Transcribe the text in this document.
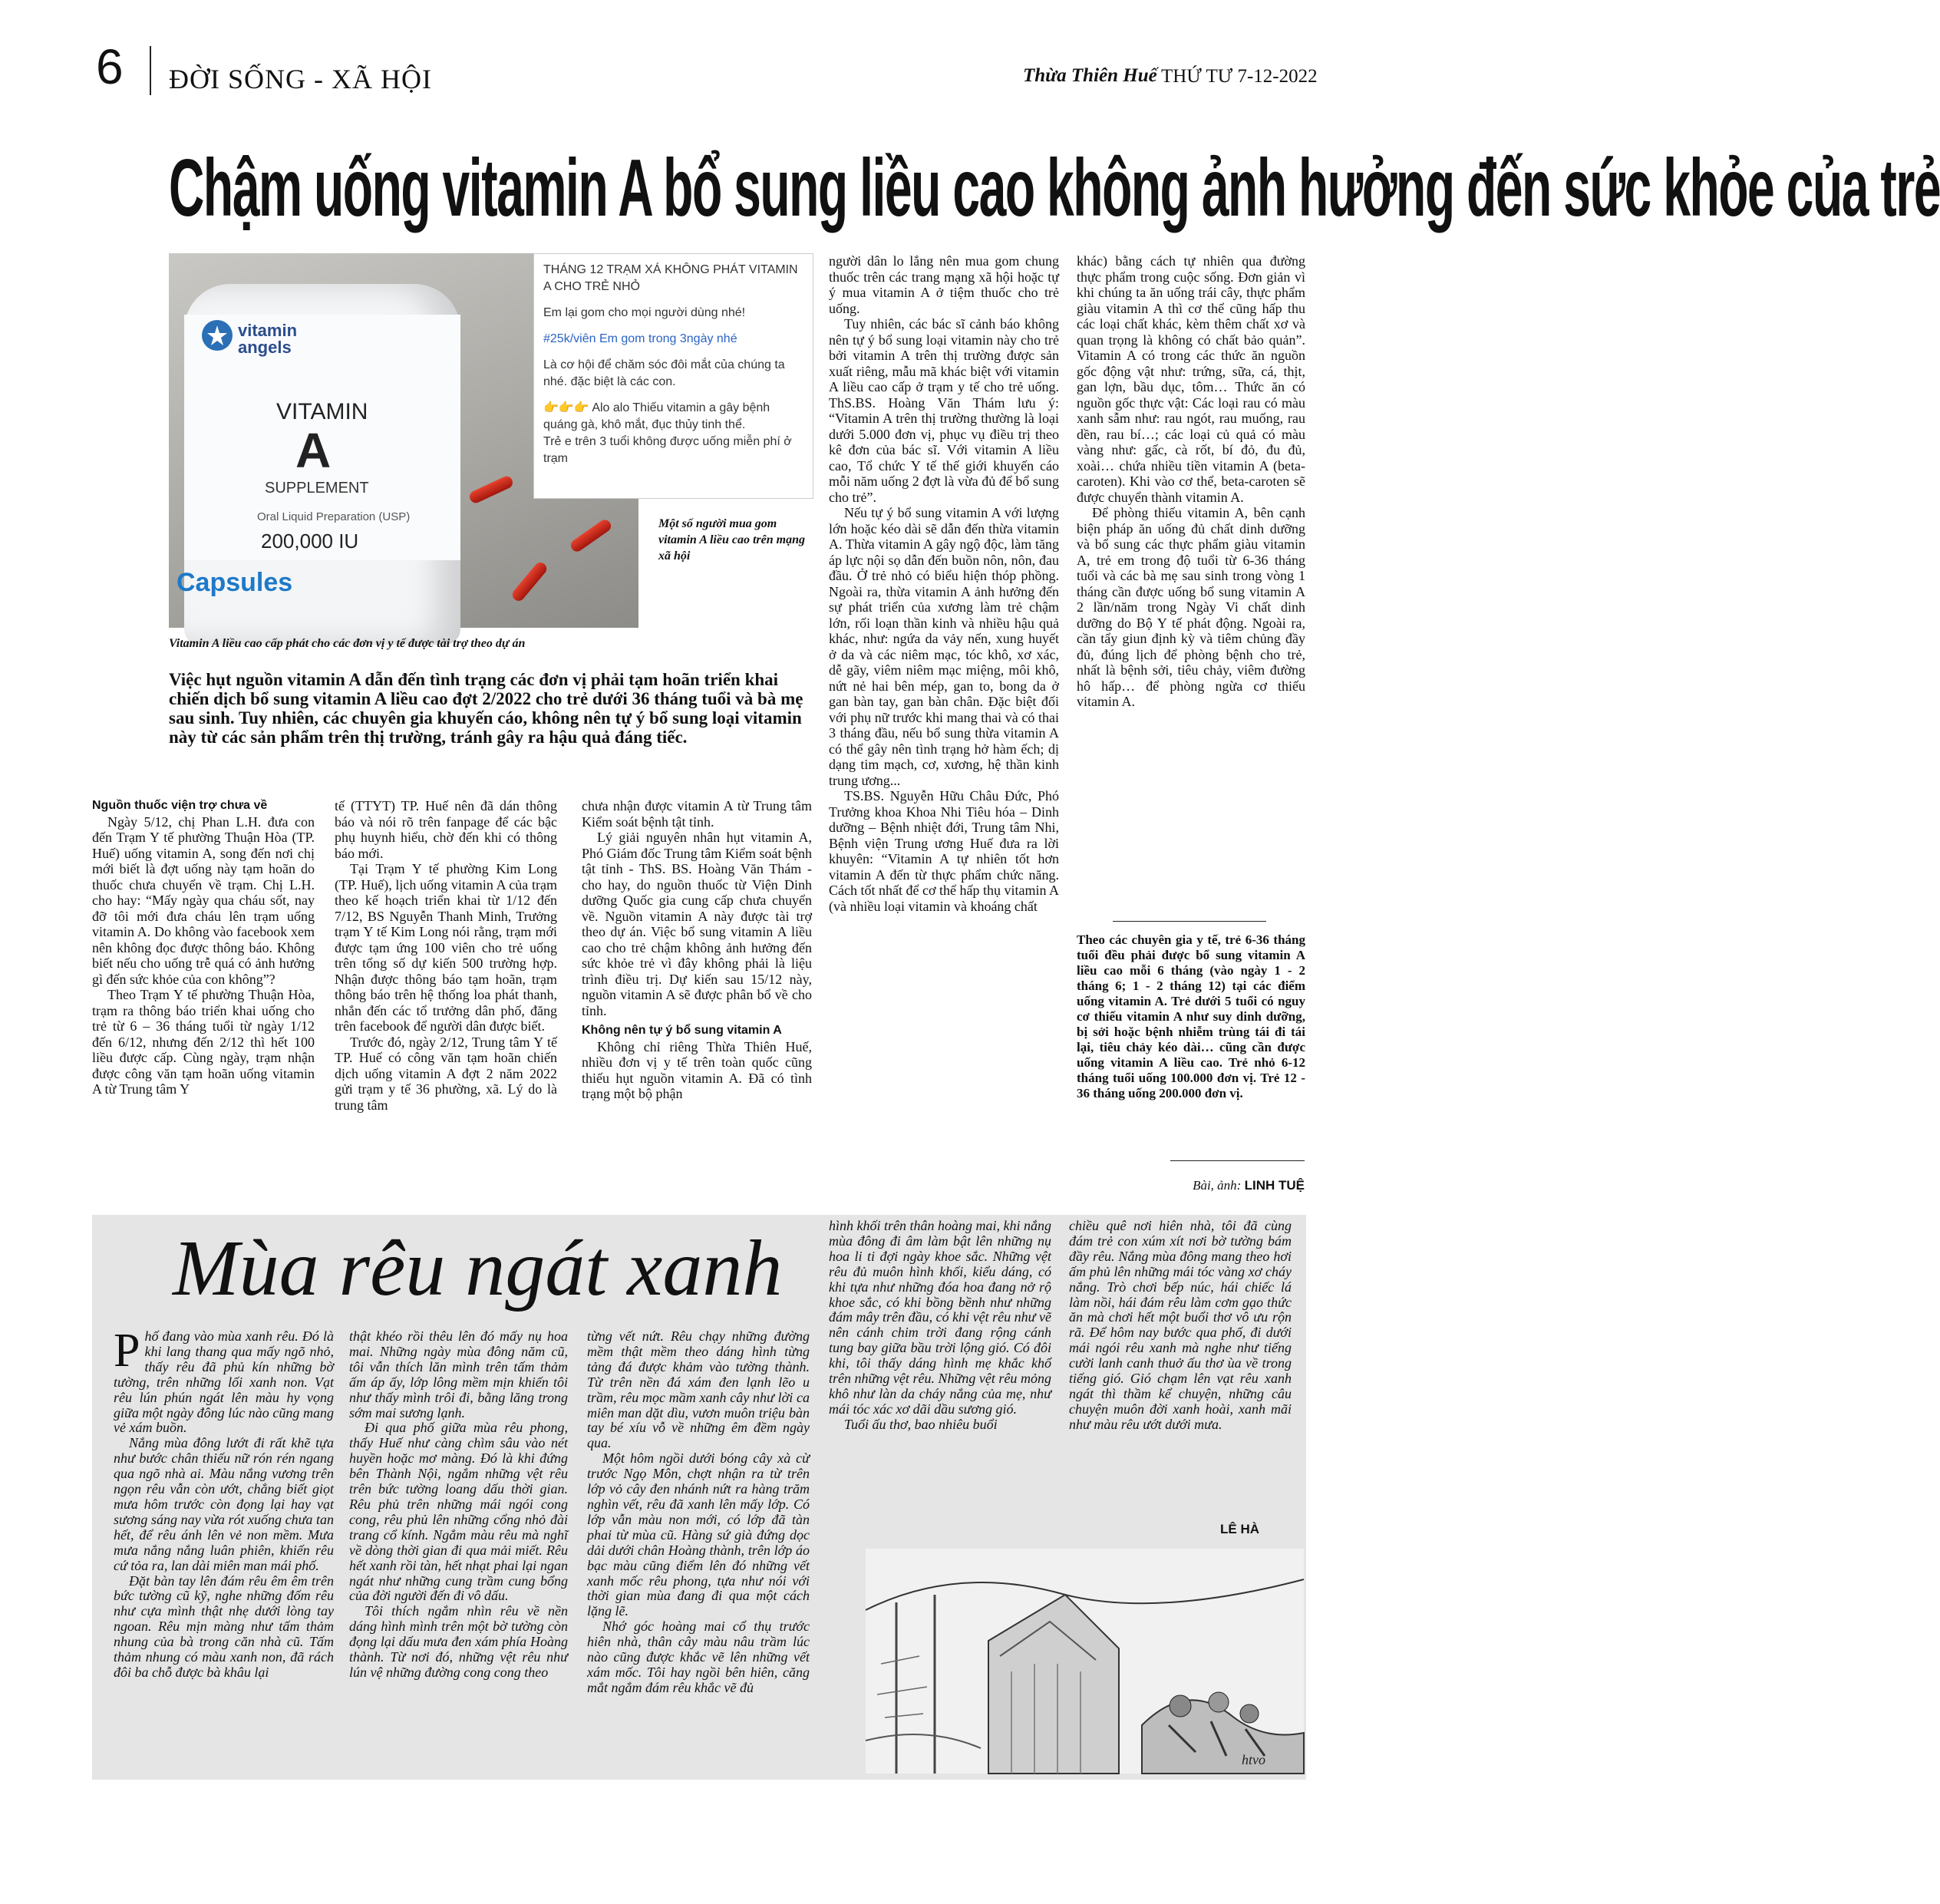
6 ĐỜI SỐNG - XÃ HỘI	Thừa Thiên Huế THỨ TƯ 7-12-2022
Chậm uống vitamin A bổ sung liều cao không ảnh hưởng đến sức khỏe của trẻ
vitamin
angels
VITAMIN
A
SUPPLEMENT
Oral Liquid Preparation (USP)
200,000 IU
Capsules

THÁNG 12 TRẠM XÁ KHÔNG PHÁT VITAMIN A CHO TRẺ NHỎ

Em lại gom cho mọi người dùng nhé!

#25k/viên Em gom trong 3ngày nhé

Là cơ hội để chăm sóc đôi mắt của chúng ta nhé. đặc biệt là các con.

👉👉👉 Alo alo Thiếu vitamin a gây bệnh quáng gà, khô mắt, đục thủy tinh thể.

Trẻ e trên 3 tuổi không được uống miễn phí ở trạm

Một số người mua gom vitamin A liều cao trên mạng xã hội
Vitamin A liều cao cấp phát cho các đơn vị y tế được tài trợ theo dự án
Việc hụt nguồn vitamin A dẫn đến tình trạng các đơn vị phải tạm hoãn triển khai chiến dịch bổ sung vitamin A liều cao đợt 2/2022 cho trẻ dưới 36 tháng tuổi và bà mẹ sau sinh. Tuy nhiên, các chuyên gia khuyến cáo, không nên tự ý bổ sung loại vitamin này từ các sản phẩm trên thị trường, tránh gây ra hậu quả đáng tiếc.

Nguồn thuốc viện trợ chưa về

Ngày 5/12, chị Phan L.H. đưa con đến Trạm Y tế phường Thuận Hòa (TP. Huế) uống vitamin A, song đến nơi chị mới biết là đợt uống này tạm hoãn do thuốc chưa chuyển về trạm. Chị L.H. cho hay: “Mấy ngày qua cháu sốt, nay đỡ tôi mới đưa cháu lên trạm uống vitamin A. Do không vào facebook xem nên không đọc được thông báo. Không biết nếu cho uống trễ quá có ảnh hưởng gì đến sức khỏe của con không”?

Theo Trạm Y tế phường Thuận Hòa, trạm ra thông báo triển khai uống cho trẻ từ 6 – 36 tháng tuổi từ ngày 1/12 đến 6/12, nhưng đến 2/12 thì hết 100 liều được cấp. Cùng ngày, trạm nhận được công văn tạm hoãn uống vitamin A từ Trung tâm Y

tế (TTYT) TP. Huế nên đã dán thông báo và nói rõ trên fanpage để các bậc phụ huynh hiểu, chờ đến khi có thông báo mới.

Tại Trạm Y tế phường Kim Long (TP. Huế), lịch uống vitamin A của trạm theo kế hoạch triển khai từ 1/12 đến 7/12, BS Nguyễn Thanh Minh, Trưởng trạm Y tế Kim Long nói rằng, trạm mới được tạm ứng 100 viên cho trẻ uống trên tổng số dự kiến 500 trường hợp. Nhận được thông báo tạm hoãn, trạm thông báo trên hệ thống loa phát thanh, nhắn đến các tổ trưởng dân phố, đăng trên facebook để người dân được biết.

Trước đó, ngày 2/12, Trung tâm Y tế TP. Huế có công văn tạm hoãn chiến dịch uống vitamin A đợt 2 năm 2022 gửi trạm y tế 36 phường, xã. Lý do là trung tâm

chưa nhận được vitamin A từ Trung tâm Kiểm soát bệnh tật tỉnh.

Lý giải nguyên nhân hụt vitamin A, Phó Giám đốc Trung tâm Kiểm soát bệnh tật tỉnh - ThS. BS. Hoàng Văn Thám - cho hay, do nguồn thuốc từ Viện Dinh dưỡng Quốc gia cung cấp chưa chuyển về. Nguồn vitamin A này được tài trợ theo dự án. Việc bổ sung vitamin A liều cao cho trẻ chậm không ảnh hưởng đến sức khỏe trẻ vì đây không phải là liệu trình điều trị. Dự kiến sau 15/12 này, nguồn vitamin A sẽ được phân bổ về cho tỉnh.

Không nên tự ý bổ sung vitamin A

Không chỉ riêng Thừa Thiên Huế, nhiều đơn vị y tế trên toàn quốc cũng thiếu hụt nguồn vitamin A. Đã có tình trạng một bộ phận

người dân lo lắng nên mua gom chung thuốc trên các trang mạng xã hội hoặc tự ý mua vitamin A ở tiệm thuốc cho trẻ uống.

Tuy nhiên, các bác sĩ cảnh báo không nên tự ý bổ sung loại vitamin này cho trẻ bởi vitamin A trên thị trường được sản xuất riêng, mẫu mã khác biệt với vitamin A liều cao cấp ở trạm y tế cho trẻ uống. ThS.BS. Hoàng Văn Thám lưu ý: “Vitamin A trên thị trường thường là loại dưới 5.000 đơn vị, phục vụ điều trị theo kê đơn của bác sĩ. Với vitamin A liều cao, Tổ chức Y tế thế giới khuyến cáo mỗi năm uống 2 đợt là vừa đủ để bổ sung cho trẻ”.

Nếu tự ý bổ sung vitamin A với lượng lớn hoặc kéo dài sẽ dẫn đến thừa vitamin A. Thừa vitamin A gây ngộ độc, làm tăng áp lực nội sọ dẫn đến buồn nôn, nôn, đau đầu. Ở trẻ nhỏ có biểu hiện thóp phồng. Ngoài ra, thừa vitamin A ảnh hưởng đến sự phát triển của xương làm trẻ chậm lớn, rối loạn thần kinh và nhiều hậu quả khác, như: ngứa da vảy nến, xung huyết ở da và các niêm mạc, tóc khô, xơ xác, dễ gãy, viêm niêm mạc miệng, môi khô, nứt nẻ hai bên mép, gan to, bong da ở gan bàn tay, gan bàn chân. Đặc biệt đối với phụ nữ trước khi mang thai và có thai 3 tháng đầu, nếu bổ sung thừa vitamin A có thể gây nên tình trạng hở hàm ếch; dị dạng tim mạch, cơ, xương, hệ thần kinh trung ương...

TS.BS. Nguyễn Hữu Châu Đức, Phó Trưởng khoa Khoa Nhi Tiêu hóa – Dinh dưỡng – Bệnh nhiệt đới, Trung tâm Nhi, Bệnh viện Trung ương Huế đưa ra lời khuyên: “Vitamin A tự nhiên tốt hơn vitamin A đến từ thực phẩm chức năng. Cách tốt nhất để cơ thể hấp thụ vitamin A (và nhiều loại vitamin và khoáng chất

khác) bằng cách tự nhiên qua đường thực phẩm trong cuộc sống. Đơn giản vì khi chúng ta ăn uống trái cây, thực phẩm giàu vitamin A thì cơ thể cũng hấp thu các loại chất khác, kèm thêm chất xơ và quan trọng là không có chất bảo quản”. Vitamin A có trong các thức ăn nguồn gốc động vật như: trứng, sữa, cá, thịt, gan lợn, bầu dục, tôm… Thức ăn có nguồn gốc thực vật: Các loại rau có màu xanh sẫm như: rau ngót, rau muống, rau dền, rau bí…; các loại củ quả có màu vàng như: gấc, cà rốt, bí đỏ, đu đủ, xoài… chứa nhiều tiền vitamin A (beta-caroten). Khi vào cơ thể, beta-caroten sẽ được chuyển thành vitamin A.

Để phòng thiếu vitamin A, bên cạnh biện pháp ăn uống đủ chất dinh dưỡng và bổ sung các thực phẩm giàu vitamin A, trẻ em trong độ tuổi từ 6-36 tháng tuổi và các bà mẹ sau sinh trong vòng 1 tháng cần được uống bổ sung vitamin A 2 lần/năm trong Ngày Vi chất dinh dưỡng do Bộ Y tế phát động. Ngoài ra, cần tẩy giun định kỳ và tiêm chủng đầy đủ, đúng lịch để phòng bệnh cho trẻ, nhất là bệnh sởi, tiêu chảy, viêm đường hô hấp… để phòng ngừa cơ thiếu vitamin A.

Theo các chuyên gia y tế, trẻ 6-36 tháng tuổi đều phải được bổ sung vitamin A liều cao mỗi 6 tháng (vào ngày 1 - 2 tháng 6; 1 - 2 tháng 12) tại các điểm uống vitamin A. Trẻ dưới 5 tuổi có nguy cơ thiếu vitamin A như suy dinh dưỡng, bị sởi hoặc bệnh nhiễm trùng tái đi tái lại, tiêu chảy kéo dài… cũng cần được uống vitamin A liều cao. Trẻ nhỏ 6-12 tháng tuổi uống 100.000 đơn vị. Trẻ 12 - 36 tháng uống 200.000 đơn vị.
Bài, ảnh: LINH TUỆ
Mùa rêu ngát xanh

Phố đang vào mùa xanh rêu. Đó là khi lang thang qua mấy ngõ nhỏ, thấy rêu đã phủ kín những bờ tường, trên những lối xanh non. Vạt rêu lún phún ngát lên màu hy vọng giữa một ngày đông lúc nào cũng mang vẻ xám buồn.

Nắng mùa đông lướt đi rất khẽ tựa như bước chân thiếu nữ rón rén ngang qua ngõ nhà ai. Màu nắng vương trên ngọn rêu vẫn còn ướt, chẳng biết giọt mưa hôm trước còn đọng lại hay vạt sương sáng nay vừa rót xuống chưa tan hết, để rêu ánh lên vẻ non mềm. Mưa mưa nắng nắng luân phiên, khiến rêu cứ tỏa ra, lan dài miên man mái phố.

Đặt bàn tay lên đám rêu êm êm trên bức tường cũ kỹ, nghe những đốm rêu như cựa mình thật nhẹ dưới lòng tay ngoan. Rêu mịn màng như tấm thảm nhung của bà trong căn nhà cũ. Tấm thảm nhung có màu xanh non, đã rách đôi ba chỗ được bà khâu lại

thật khéo rồi thêu lên đó mấy nụ hoa mai. Những ngày mùa đông năm cũ, tôi vẫn thích lăn mình trên tấm thảm ấm áp ấy, lớp lông mềm mịn khiến tôi như thấy mình trôi đi, bằng lăng trong sớm mai sương lạnh.

Đi qua phố giữa mùa rêu phong, thấy Huế như càng chìm sâu vào nét huyền hoặc mơ màng. Đó là khi đứng bên Thành Nội, ngắm những vệt rêu trên bức tường loang dấu thời gian. Rêu phủ trên những mái ngói cong cong, rêu phủ lên những cổng nhỏ đài trang cổ kính. Ngắm màu rêu mà nghĩ về dòng thời gian đi qua mải miết. Rêu hết xanh rồi tàn, hết nhạt phai lại ngan ngát như những cung trầm cung bổng của đời người đến đi vô dấu.

Tôi thích ngắm nhìn rêu về nền dáng hình mình trên một bờ tường còn đọng lại dấu mưa đen xám phía Hoàng thành. Từ nơi đó, những vệt rêu như lún vệ những đường cong cong theo

từng vết nứt. Rêu chạy những đường mềm thật mềm theo dáng hình từng tảng đá được khảm vào tường thành. Từ trên nền đá xám đen lạnh lẽo u trầm, rêu mọc mầm xanh cây như lời ca miên man dặt dìu, vươn muôn triệu bàn tay bé xíu vỗ về những êm đềm ngày qua.

Một hôm ngồi dưới bóng cây xà cừ trước Ngọ Môn, chợt nhận ra từ trên lớp vỏ cây đen nhánh nứt ra hàng trăm nghìn vết, rêu đã xanh lên mấy lớp. Có lớp vẫn màu non mới, có lớp đã tàn phai từ mùa cũ. Hàng sứ già đứng dọc dải dưới chân Hoàng thành, trên lớp áo bạc màu cũng điểm lên đó những vết xanh mốc rêu phong, tựa như nói với thời gian mùa đang đi qua một cách lặng lẽ.

Nhớ góc hoàng mai cổ thụ trước hiên nhà, thân cây màu nâu trầm lúc nào cũng được khắc vẽ lên những vết xám mốc. Tôi hay ngồi bên hiên, căng mắt ngắm đám rêu khắc vẽ đủ

hình khối trên thân hoàng mai, khi nắng mùa đông đi âm làm bật lên những nụ hoa li ti đợi ngày khoe sắc. Những vệt rêu đủ muôn hình khối, kiểu dáng, có khi tựa như những đóa hoa đang nở rộ khoe sắc, có khi bồng bềnh như những đám mây trên đầu, có khi vệt rêu như vẽ nên cánh chim trời đang rộng cánh tung bay giữa bầu trời lộng gió. Có đôi khi, tôi thấy dáng hình mẹ khắc khổ trên những vệt rêu. Những vệt rêu mỏng khô như làn da cháy nắng của mẹ, như mái tóc xác xơ dãi dầu sương gió.

Tuổi ấu thơ, bao nhiêu buổi

chiều quê nơi hiên nhà, tôi đã cùng đám trẻ con xúm xít nơi bờ tường bám đầy rêu. Nắng mùa đông mang theo hơi ấm phủ lên những mái tóc vàng xơ cháy nắng. Trò chơi bếp núc, hái chiếc lá làm nồi, hái đám rêu làm cơm gạo thức ăn mà chơi hết một buổi thơ vô ưu rộn rã. Để hôm nay bước qua phố, đi dưới mái ngói rêu xanh mà nghe như tiếng cười lanh canh thuở ấu thơ ùa về trong tiếng gió. Gió chạm lên vạt rêu xanh ngát thì thầm kể chuyện, những câu chuyện muôn đời xanh hoài, xanh mãi như màu rêu ướt dưới mưa.

LÊ HÀ
htvo
